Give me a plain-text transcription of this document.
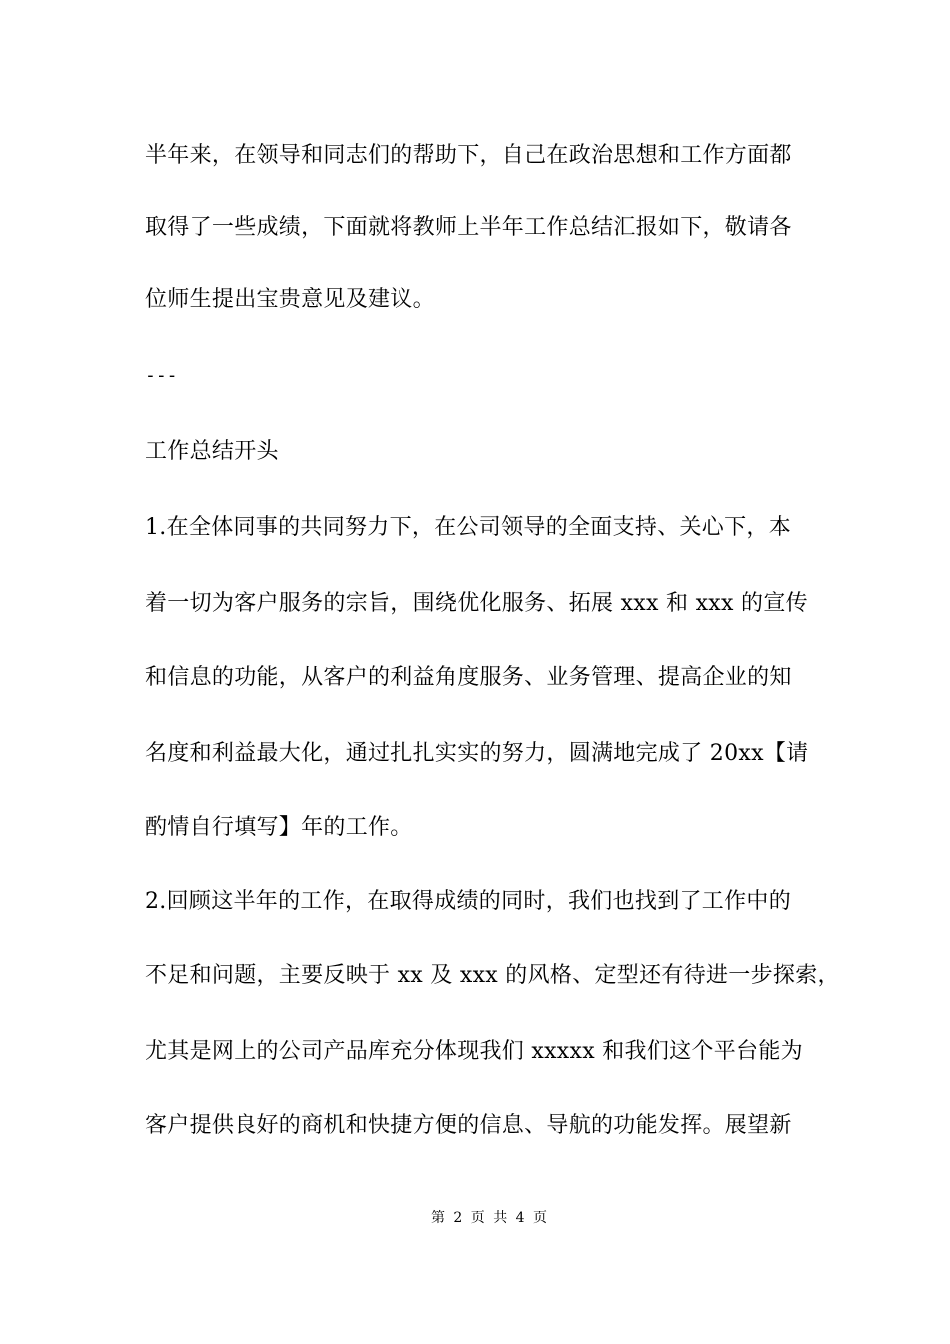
半年来，在领导和同志们的帮助下，自己在政治思想和工作方面都
取得了一些成绩，下面就将教师上半年工作总结汇报如下，敬请各
位师生提出宝贵意见及建议。
---
工作总结开头
1.在全体同事的共同努力下，在公司领导的全面支持、关心下，本
着一切为客户服务的宗旨，围绕优化服务、拓展 xxx 和 xxx 的宣传
和信息的功能，从客户的利益角度服务、业务管理、提高企业的知
名度和利益最大化，通过扎扎实实的努力，圆满地完成了 20xx【请
酌情自行填写】年的工作。
2.回顾这半年的工作，在取得成绩的同时，我们也找到了工作中的
不足和问题，主要反映于 xx 及 xxx 的风格、定型还有待进一步探索，
尤其是网上的公司产品库充分体现我们 xxxxx 和我们这个平台能为
客户提供良好的商机和快捷方便的信息、导航的功能发挥。展望新
第 2 页 共 4 页
